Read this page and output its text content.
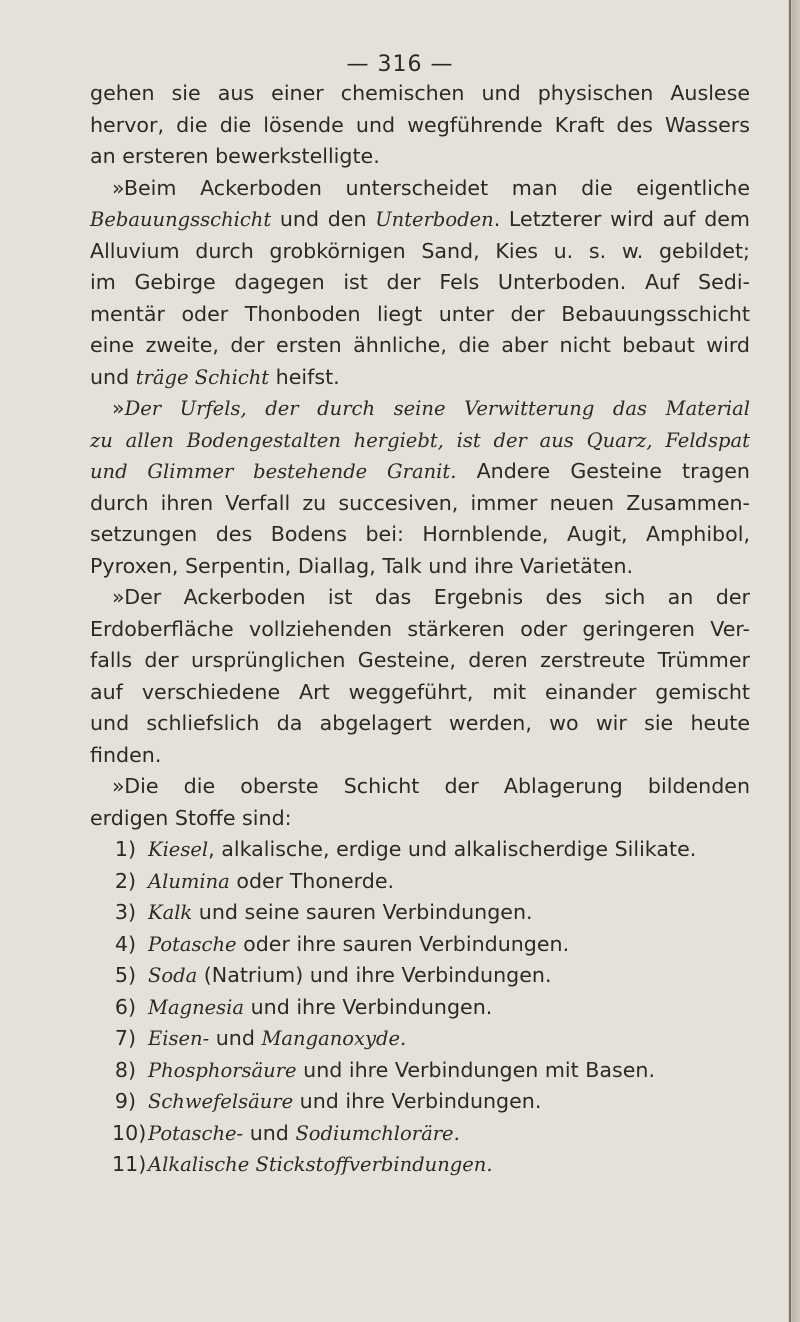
— 316 —
gehen sie aus einer chemischen und physischen Auslese
hervor, die die lösende und wegführende Kraft des Wassers
an ersteren bewerkstelligte.
»Beim Ackerboden unterscheidet man die eigentliche
Bebauungsschicht und den Unterboden. Letzterer wird auf dem
Alluvium durch grobkörnigen Sand, Kies u. s. w. gebildet;
im Gebirge dagegen ist der Fels Unterboden. Auf Sedi-
mentär oder Thonboden liegt unter der Bebauungsschicht
eine zweite, der ersten ähnliche, die aber nicht bebaut wird
und träge Schicht heifst.
»Der Urfels, der durch seine Verwitterung das Material
zu allen Bodengestalten hergiebt, ist der aus Quarz, Feldspat
und Glimmer bestehende Granit. Andere Gesteine tragen
durch ihren Verfall zu succesiven, immer neuen Zusammen-
setzungen des Bodens bei: Hornblende, Augit, Amphibol,
Pyroxen, Serpentin, Diallag, Talk und ihre Varietäten.
»Der Ackerboden ist das Ergebnis des sich an der
Erdoberfläche vollziehenden stärkeren oder geringeren Ver-
falls der ursprünglichen Gesteine, deren zerstreute Trümmer
auf verschiedene Art weggeführt, mit einander gemischt
und schliefslich da abgelagert werden, wo wir sie heute
finden.
»Die die oberste Schicht der Ablagerung bildenden
erdigen Stoffe sind:
1) Kiesel, alkalische, erdige und alkalischerdige Silikate.
2) Alumina oder Thonerde.
3) Kalk und seine sauren Verbindungen.
4) Potasche oder ihre sauren Verbindungen.
5) Soda (Natrium) und ihre Verbindungen.
6) Magnesia und ihre Verbindungen.
7) Eisen- und Manganoxyde.
8) Phosphorsäure und ihre Verbindungen mit Basen.
9) Schwefelsäure und ihre Verbindungen.
10)Potasche- und Sodiumchloräre.
11)Alkalische Stickstoffverbindungen.
